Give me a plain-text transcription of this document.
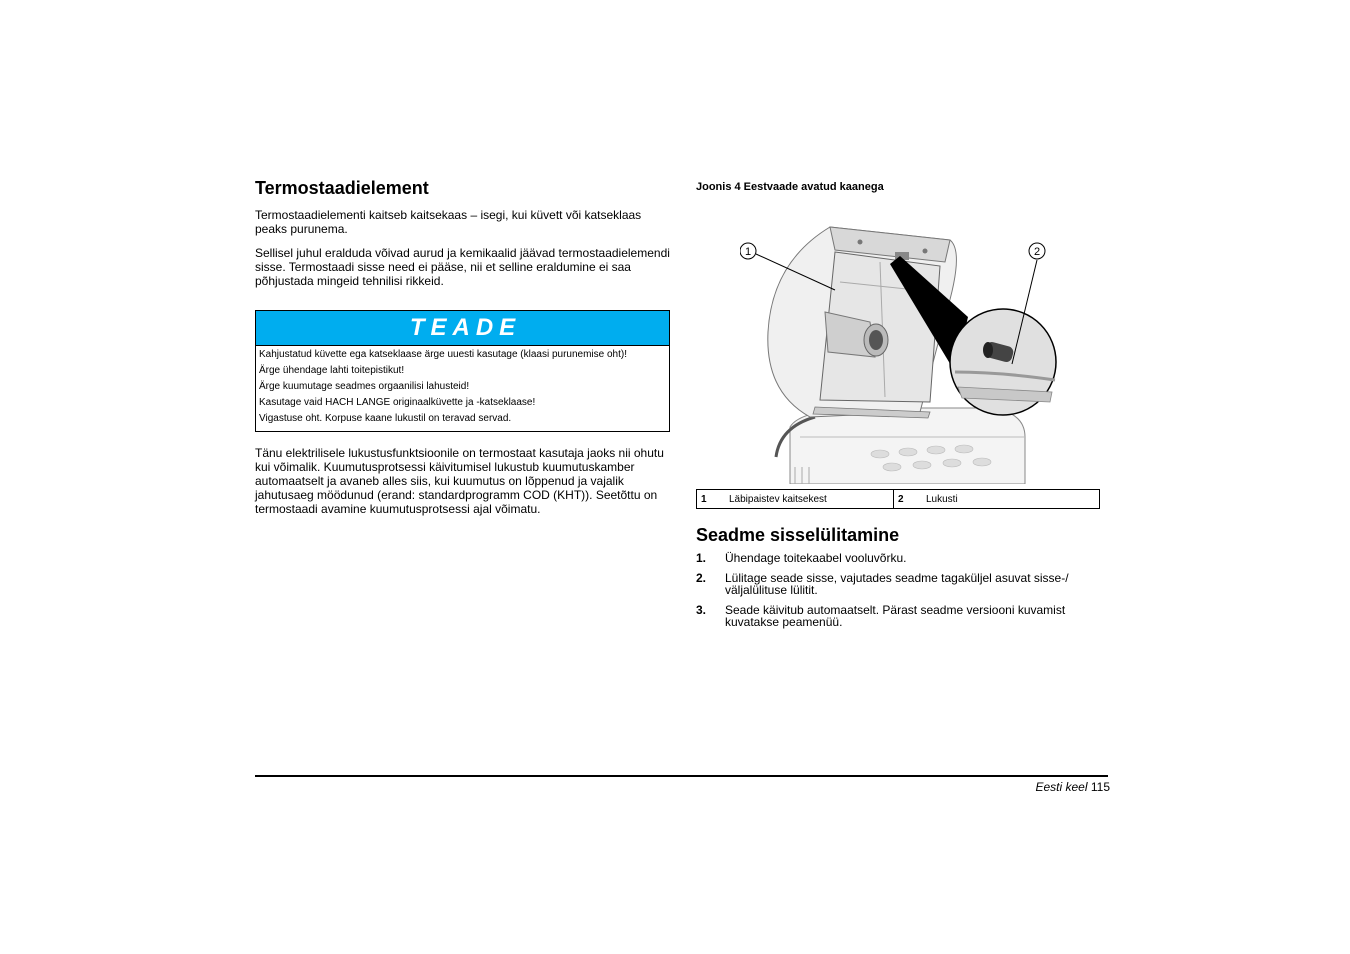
Termostaadielement

Termostaadielementi kaitseb kaitsekaas – isegi, kui küvett või katseklaas peaks purunema.

Sellisel juhul eralduda võivad aurud ja kemikaalid jäävad termostaadielemendi sisse. Termostaadi sisse need ei pääse, nii et selline eraldumine ei saa põhjustada mingeid tehnilisi rikkeid.

TEADE
Kahjustatud küvette ega katseklaase ärge uuesti kasutage (klaasi purunemise oht)!
Ärge ühendage lahti toitepistikut!
Ärge kuumutage seadmes orgaanilisi lahusteid!
Kasutage vaid HACH LANGE originaalküvette ja -katseklaase!
Vigastuse oht. Korpuse kaane lukustil on teravad servad.

Tänu elektrilisele lukustusfunktsioonile on termostaat kasutaja jaoks nii ohutu kui võimalik. Kuumutusprotsessi käivitumisel lukustub kuumutuskamber automaatselt ja avaneb alles siis, kui kuumutus on lõppenud ja vajalik jahutusaeg möödunud (erand: standardprogramm COD (KHT)). Seetõttu on termostaadi avamine kuumutusprotsessi ajal võimatu.

Joonis 4 Eestvaade avatud kaanega
1	2
1	Läbipaistev kaitsekest	2	Lukusti
Seadme sisselülitamine
1.	Ühendage toitekaabel vooluvõrku.
2.	Lülitage seade sisse, vajutades seadme tagaküljel asuvat sisse-/ väljalülituse lülitit.
3.	Seade käivitub automaatselt. Pärast seadme versiooni kuvamist kuvatakse peamenüü.
Eesti keel 115
